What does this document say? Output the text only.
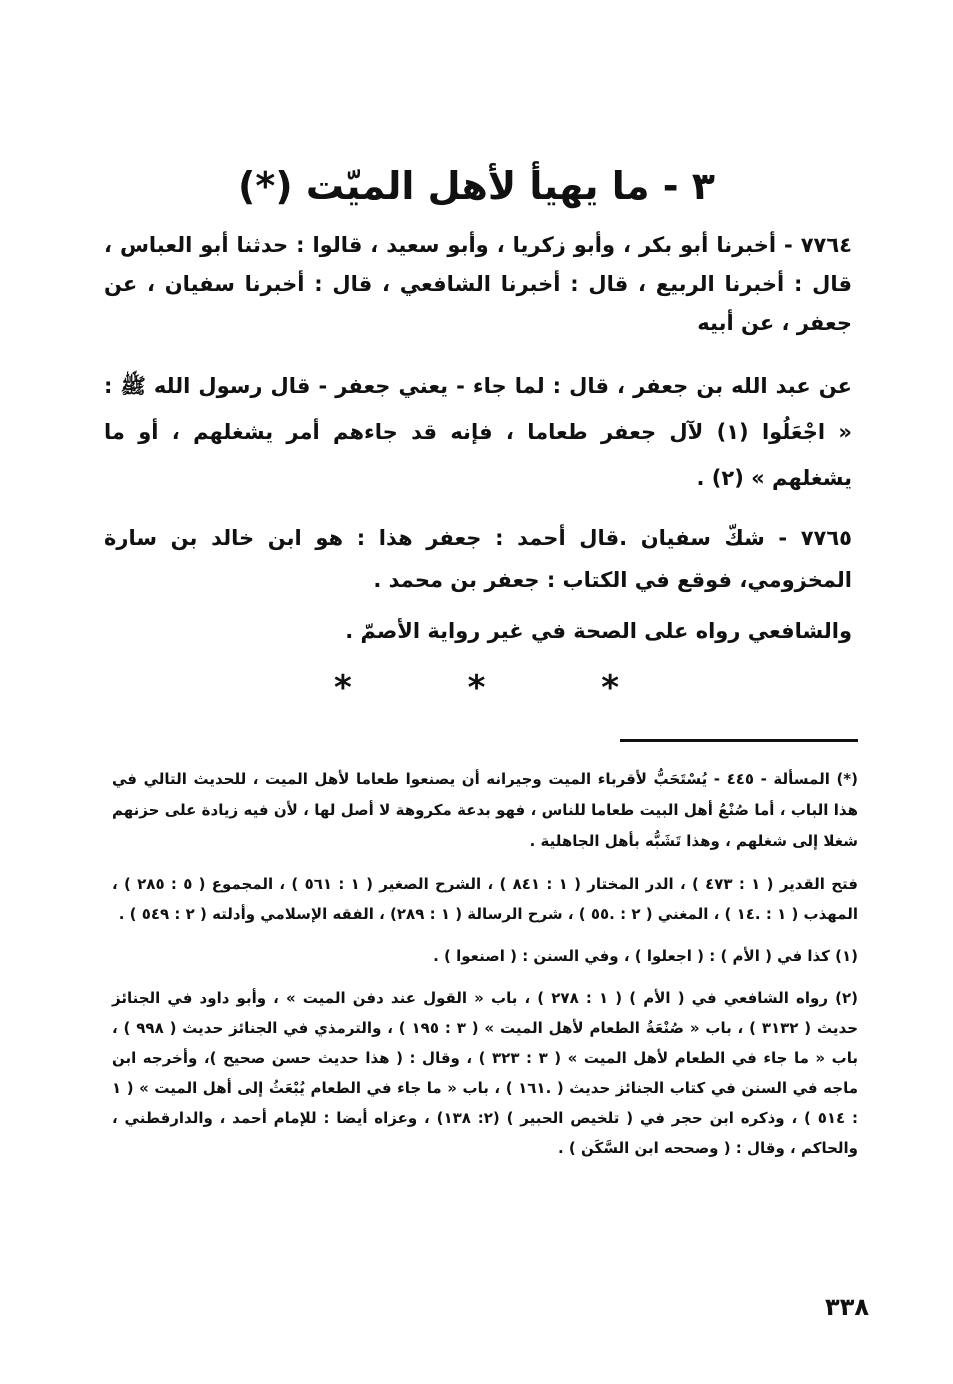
٣ - ما يهيأ لأهل الميّت (*)

٧٧٦٤ - أخبرنا أبو بكر ، وأبو زكريا ، وأبو سعيد ، قالوا : حدثنا أبو العباس ، قال : أخبرنا الربيع ، قال : أخبرنا الشافعي ، قال : أخبرنا سفيان ، عن جعفر ، عن أبيه

عن عبد الله بن جعفر ، قال : لما جاء - يعني جعفر - قال رسول الله ﷺ : « اجْعَلُوا (١) لآل جعفر طعاما ، فإنه قد جاءهم أمر يشغلهم ، أو ما يشغلهم » (٢) .

٧٧٦٥ - شكّ سفيان .قال أحمد : جعفر هذا : هو ابن خالد بن سارة المخزومي، فوقع في الكتاب : جعفر بن محمد .

والشافعي رواه على الصحة في غير رواية الأصمّ .

* * *

(*) المسألة - ٤٤٥ - يُسْتَحَبُّ لأقرباء الميت وجيرانه أن يصنعوا طعاما لأهل الميت ، للحديث التالي في هذا الباب ، أما صُنْعُ أهل البيت طعاما للناس ، فهو بدعة مكروهة لا أصل لها ، لأن فيه زيادة على حزنهم شغلا إلى شغلهم ، وهذا تَشَبُّه بأهل الجاهلية .

فتح القدير ( ١ : ٤٧٣ ) ، الدر المختار ( ١ : ٨٤١ ) ، الشرح الصغير ( ١ : ٥٦١ ) ، المجموع ( ٥ : ٢٨٥ ) ، المهذب ( ١ : .١٤ ) ، المغني ( ٢ : .٥٥ ) ، شرح الرسالة ( ١ : ٢٨٩) ، الفقه الإسلامي وأدلته ( ٢ : ٥٤٩ ) .

(١) كذا في ( الأم ) : ( اجعلوا ) ، وفي السنن : ( اصنعوا ) .

(٢) رواه الشافعي في ( الأم ) ( ١ : ٢٧٨ ) ، باب « القول عند دفن الميت » ، وأبو داود في الجنائز حديث ( ٣١٣٢ ) ، باب « صُنْعَةُ الطعام لأهل الميت » ( ٣ : ١٩٥ ) ، والترمذي في الجنائز حديث ( ٩٩٨ ) ، باب « ما جاء في الطعام لأهل الميت » ( ٣ : ٣٢٣ ) ، وقال : ( هذا حديث حسن صحيح )، وأخرجه ابن ماجه في السنن في كتاب الجنائز حديث ( .١٦١ ) ، باب « ما جاء في الطعام يُبْعَثُ إلى أهل الميت » ( ١ : ٥١٤ ) ، وذكره ابن حجر في ( تلخيص الحبير ) (٢: ١٣٨) ، وعزاه أيضا : للإمام أحمد ، والدارقطني ، والحاكم ، وقال : ( وصححه ابن السَّكَن ) .

٣٣٨
